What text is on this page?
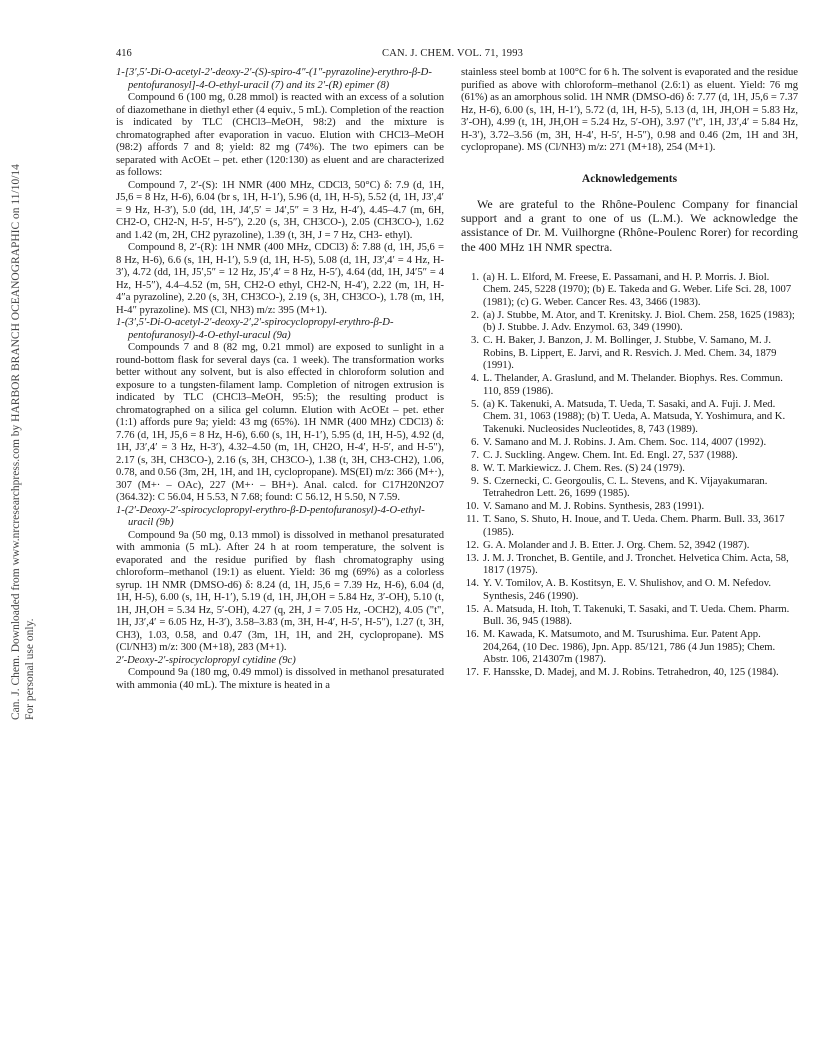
Can. J. Chem. Downloaded from www.nrcresearchpress.com by HARBOR BRANCH OCEANOGRAPHIC on 11/10/14 For personal use only.
416	CAN. J. CHEM. VOL. 71, 1993

1-[3′,5′-Di-O-acetyl-2′-deoxy-2′-(S)-spiro-4″-(1″-pyrazoline)-erythro-β-D-pentofuranosyl]-4-O-ethyl-uracil (7) and its 2′-(R) epimer (8)

Compound 6 (100 mg, 0.28 mmol) is reacted with an excess of a solution of diazomethane in diethyl ether (4 equiv., 5 mL). Completion of the reaction is indicated by TLC (CHCl3–MeOH, 98:2) and the mixture is chromatographed after evaporation in vacuo. Elution with CHCl3–MeOH (98:2) affords 7 and 8; yield: 82 mg (74%). The two epimers can be separated with AcOEt – pet. ether (120:130) as eluent and are characterized as follows:

Compound 7, 2′-(S): 1H NMR (400 MHz, CDCl3, 50°C) δ: 7.9 (d, 1H, J5,6 = 8 Hz, H-6), 6.04 (br s, 1H, H-1′), 5.96 (d, 1H, H-5), 5.52 (d, 1H, J3′,4′ = 9 Hz, H-3′), 5.0 (dd, 1H, J4′,5′ = J4′,5″ = 3 Hz, H-4′), 4.45–4.7 (m, 6H, CH2-O, CH2-N, H-5′, H-5″), 2.20 (s, 3H, CH3CO-), 2.05 (CH3CO-), 1.62 and 1.42 (m, 2H, CH2 pyrazoline), 1.39 (t, 3H, J = 7 Hz, CH3- ethyl).

Compound 8, 2′-(R): 1H NMR (400 MHz, CDCl3) δ: 7.88 (d, 1H, J5,6 = 8 Hz, H-6), 6.6 (s, 1H, H-1′), 5.9 (d, 1H, H-5), 5.08 (d, 1H, J3′,4′ = 4 Hz, H-3′), 4.72 (dd, 1H, J5′,5″ = 12 Hz, J5′,4′ = 8 Hz, H-5′), 4.64 (dd, 1H, J4′5″ = 4 Hz, H-5″), 4.4–4.52 (m, 5H, CH2-O ethyl, CH2-N, H-4′), 2.22 (m, 1H, H-4″a pyrazoline), 2.20 (s, 3H, CH3CO-), 2.19 (s, 3H, CH3CO-), 1.78 (m, 1H, H-4″ pyrazoline). MS (Cl, NH3) m/z: 395 (M+1).

1-(3′,5′-Di-O-acetyl-2′-deoxy-2′,2′-spirocyclopropyl-erythro-β-D-pentofuranosyl)-4-O-ethyl-uracul (9a)

Compounds 7 and 8 (82 mg, 0.21 mmol) are exposed to sunlight in a round-bottom flask for several days (ca. 1 week). The transformation works better without any solvent, but is also effected in chloroform solution and exposure to a tungsten-filament lamp. Completion of nitrogen extrusion is indicated by TLC (CHCl3–MeOH, 95:5); the resulting product is chromatographed on a silica gel column. Elution with AcOEt – pet. ether (1:1) affords pure 9a; yield: 43 mg (65%). 1H NMR (400 MHz) CDCl3) δ: 7.76 (d, 1H, J5,6 = 8 Hz, H-6), 6.60 (s, 1H, H-1′), 5.95 (d, 1H, H-5), 4.92 (d, 1H, J3′,4′ = 3 Hz, H-3′), 4.32–4.50 (m, 1H, CH2O, H-4′, H-5′, and H-5″), 2.17 (s, 3H, CH3CO-), 2.16 (s, 3H, CH3CO-), 1.38 (t, 3H, CH3-CH2), 1.06, 0.78, and 0.56 (3m, 2H, 1H, and 1H, cyclopropane). MS(EI) m/z: 366 (M+·), 307 (M+· – OAc), 227 (M+· – BH+). Anal. calcd. for C17H20N2O7 (364.32): C 56.04, H 5.53, N 7.68; found: C 56.12, H 5.50, N 7.59.

1-(2′-Deoxy-2′-spirocyclopropyl-erythro-β-D-pentofuranosyl)-4-O-ethyl-uracil (9b)

Compound 9a (50 mg, 0.13 mmol) is dissolved in methanol presaturated with ammonia (5 mL). After 24 h at room temperature, the solvent is evaporated and the residue purified by flash chromatography using chloroform–methanol (19:1) as eluent. Yield: 36 mg (69%) as a colorless syrup. 1H NMR (DMSO-d6) δ: 8.24 (d, 1H, J5,6 = 7.39 Hz, H-6), 6.04 (d, 1H, H-5), 6.00 (s, 1H, H-1′), 5.19 (d, 1H, JH,OH = 5.84 Hz, 3′-OH), 5.10 (t, 1H, JH,OH = 5.34 Hz, 5′-OH), 4.27 (q, 2H, J = 7.05 Hz, -OCH2), 4.05 ("t", 1H, J3′,4′ = 6.05 Hz, H-3′), 3.58–3.83 (m, 3H, H-4′, H-5′, H-5″), 1.27 (t, 3H, CH3), 1.03, 0.58, and 0.47 (3m, 1H, 1H, and 2H, cyclopropane). MS (Cl/NH3) m/z: 300 (M+18), 283 (M+1).

2′-Deoxy-2′-spirocyclopropyl cytidine (9c)

Compound 9a (180 mg, 0.49 mmol) is dissolved in methanol presaturated with ammonia (40 mL). The mixture is heated in a

stainless steel bomb at 100°C for 6 h. The solvent is evaporated and the residue purified as above with chloroform–methanol (2.6:1) as eluent. Yield: 76 mg (61%) as an amorphous solid. 1H NMR (DMSO-d6) δ: 7.77 (d, 1H, J5,6 = 7.37 Hz, H-6), 6.00 (s, 1H, H-1′), 5.72 (d, 1H, H-5), 5.13 (d, 1H, JH,OH = 5.83 Hz, 3′-OH), 4.99 (t, 1H, JH,OH = 5.24 Hz, 5′-OH), 3.97 ("t", 1H, J3′,4′ = 5.84 Hz, H-3′), 3.72–3.56 (m, 3H, H-4′, H-5′, H-5″), 0.98 and 0.46 (2m, 1H and 3H, cyclopropane). MS (Cl/NH3) m/z: 271 (M+18), 254 (M+1).

Acknowledgements

We are grateful to the Rhône-Poulenc Company for financial support and a grant to one of us (L.M.). We acknowledge the assistance of Dr. M. Vuilhorgne (Rhône-Poulenc Rorer) for recording the 400 MHz 1H NMR spectra.

1. (a) H. L. Elford, M. Freese, E. Passamani, and H. P. Morris. J. Biol. Chem. 245, 5228 (1970); (b) E. Takeda and G. Weber. Life Sci. 28, 1007 (1981); (c) G. Weber. Cancer Res. 43, 3466 (1983).
2. (a) J. Stubbe, M. Ator, and T. Krenitsky. J. Biol. Chem. 258, 1625 (1983); (b) J. Stubbe. J. Adv. Enzymol. 63, 349 (1990).
3. C. H. Baker, J. Banzon, J. M. Bollinger, J. Stubbe, V. Samano, M. J. Robins, B. Lippert, E. Jarvi, and R. Resvich. J. Med. Chem. 34, 1879 (1991).
4. L. Thelander, A. Graslund, and M. Thelander. Biophys. Res. Commun. 110, 859 (1986).
5. (a) K. Takenuki, A. Matsuda, T. Ueda, T. Sasaki, and A. Fuji. J. Med. Chem. 31, 1063 (1988); (b) T. Ueda, A. Matsuda, Y. Yoshimura, and K. Takenuki. Nucleosides Nucleotides, 8, 743 (1989).
6. V. Samano and M. J. Robins. J. Am. Chem. Soc. 114, 4007 (1992).
7. C. J. Suckling. Angew. Chem. Int. Ed. Engl. 27, 537 (1988).
8. W. T. Markiewicz. J. Chem. Res. (S) 24 (1979).
9. S. Czernecki, C. Georgoulis, C. L. Stevens, and K. Vijayakumaran. Tetrahedron Lett. 26, 1699 (1985).
10. V. Samano and M. J. Robins. Synthesis, 283 (1991).
11. T. Sano, S. Shuto, H. Inoue, and T. Ueda. Chem. Pharm. Bull. 33, 3617 (1985).
12. G. A. Molander and J. B. Etter. J. Org. Chem. 52, 3942 (1987).
13. J. M. J. Tronchet, B. Gentile, and J. Tronchet. Helvetica Chim. Acta, 58, 1817 (1975).
14. Y. V. Tomilov, A. B. Kostitsyn, E. V. Shulishov, and O. M. Nefedov. Synthesis, 246 (1990).
15. A. Matsuda, H. Itoh, T. Takenuki, T. Sasaki, and T. Ueda. Chem. Pharm. Bull. 36, 945 (1988).
16. M. Kawada, K. Matsumoto, and M. Tsurushima. Eur. Patent App. 204,264, (10 Dec. 1986), Jpn. App. 85/121, 786 (4 Jun 1985); Chem. Abstr. 106, 214307m (1987).
17. F. Hansske, D. Madej, and M. J. Robins. Tetrahedron, 40, 125 (1984).
